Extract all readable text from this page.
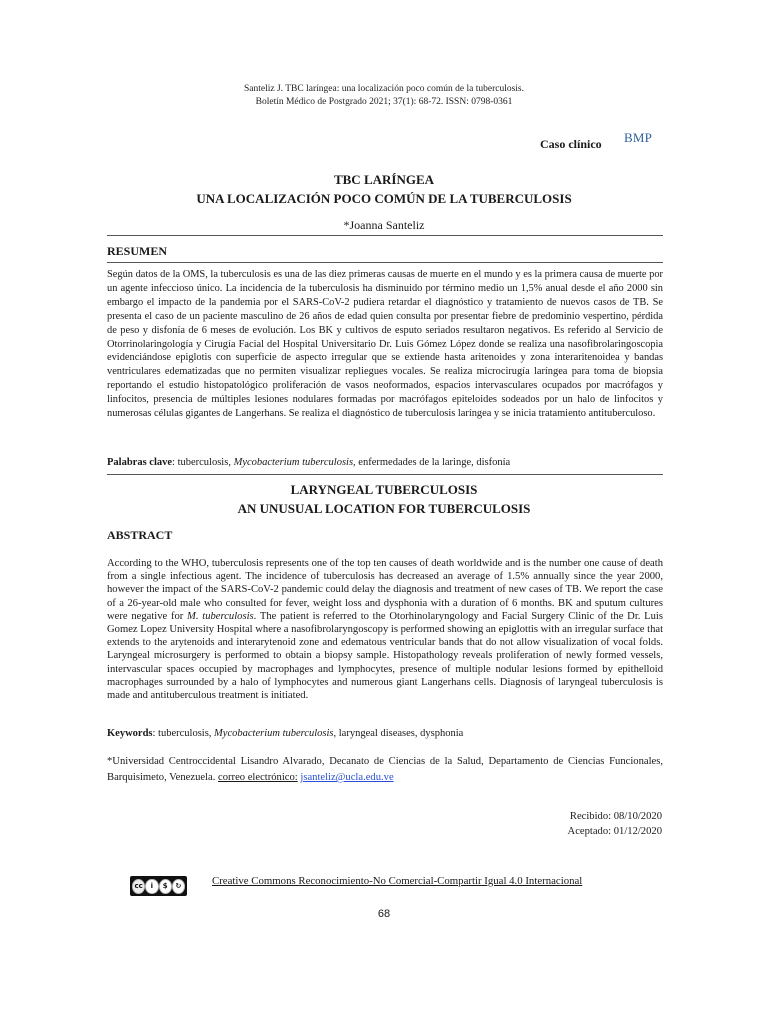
Santeliz J. TBC laríngea: una localización poco común de la tuberculosis.
Boletín Médico de Postgrado 2021; 37(1): 68-72. ISSN: 0798-0361
Caso clínico BMP
TBC LARÍNGEA
UNA LOCALIZACIÓN POCO COMÚN DE LA TUBERCULOSIS
*Joanna Santeliz
RESUMEN
Según datos de la OMS, la tuberculosis es una de las diez primeras causas de muerte en el mundo y es la primera causa de muerte por un agente infeccioso único. La incidencia de la tuberculosis ha disminuido por término medio un 1,5% anual desde el año 2000 sin embargo el impacto de la pandemia por el SARS-CoV-2 pudiera retardar el diagnóstico y tratamiento de nuevos casos de TB. Se presenta el caso de un paciente masculino de 26 años de edad quien consulta por presentar fiebre de predominio vespertino, pérdida de peso y disfonía de 6 meses de evolución. Los BK y cultivos de esputo seriados resultaron negativos. Es referido al Servicio de Otorrinolaringología y Cirugía Facial del Hospital Universitario Dr. Luis Gómez López donde se realiza una nasofibrolaringoscopia evidenciándose epiglotis con superficie de aspecto irregular que se extiende hasta aritenoides y zona interaritenoidea y bandas ventriculares edematizadas que no permiten visualizar repliegues vocales. Se realiza microcirugía laríngea para toma de biopsia reportando el estudio histopatológico proliferación de vasos neoformados, espacios intervasculares ocupados por macrófagos y linfocitos, presencia de múltiples lesiones nodulares formadas por macrófagos epiteloides sodeados por un halo de linfocitos y numerosas células gigantes de Langerhans. Se realiza el diagnóstico de tuberculosis laríngea y se inicia tratamiento antituberculoso.
Palabras clave: tuberculosis, Mycobacterium tuberculosis, enfermedades de la laringe, disfonía
LARYNGEAL TUBERCULOSIS
AN UNUSUAL LOCATION FOR TUBERCULOSIS
ABSTRACT
According to the WHO, tuberculosis represents one of the top ten causes of death worldwide and is the number one cause of death from a single infectious agent. The incidence of tuberculosis has decreased an average of 1.5% annually since the year 2000, however the impact of the SARS-CoV-2 pandemic could delay the diagnosis and treatment of new cases of TB. We report the case of a 26-year-old male who consulted for fever, weight loss and dysphonia with a duration of 6 months. BK and sputum cultures were negative for M. tuberculosis. The patient is referred to the Otorhinolaryngology and Facial Surgery Clinic of the Dr. Luis Gomez Lopez University Hospital where a nasofibrolaryngoscopy is performed showing an epiglottis with an irregular surface that extends to the arytenoids and interarytenoid zone and edematous ventricular bands that do not allow visualization of vocal folds. Laryngeal microsurgery is performed to obtain a biopsy sample. Histopathology reveals proliferation of newly formed vessels, intervascular spaces occupied by macrophages and lymphocytes, presence of multiple nodular lesions formed by epithelloid macrophages surrounded by a halo of lymphocytes and numerous giant Langerhans cells. Diagnosis of laryngeal tuberculosis is made and antituberculous treatment is initiated.
Keywords: tuberculosis, Mycobacterium tuberculosis, laryngeal diseases, dysphonia
*Universidad Centroccidental Lisandro Alvarado, Decanato de Ciencias de la Salud, Departamento de Ciencias Funcionales, Barquisimeto, Venezuela. correo electrónico: jsanteliz@ucla.edu.ve
Recibido: 08/10/2020
Aceptado: 01/12/2020
cc	i	$	↻	Creative Commons Reconocimiento-No Comercial-Compartir Igual 4.0 Internacional
68
